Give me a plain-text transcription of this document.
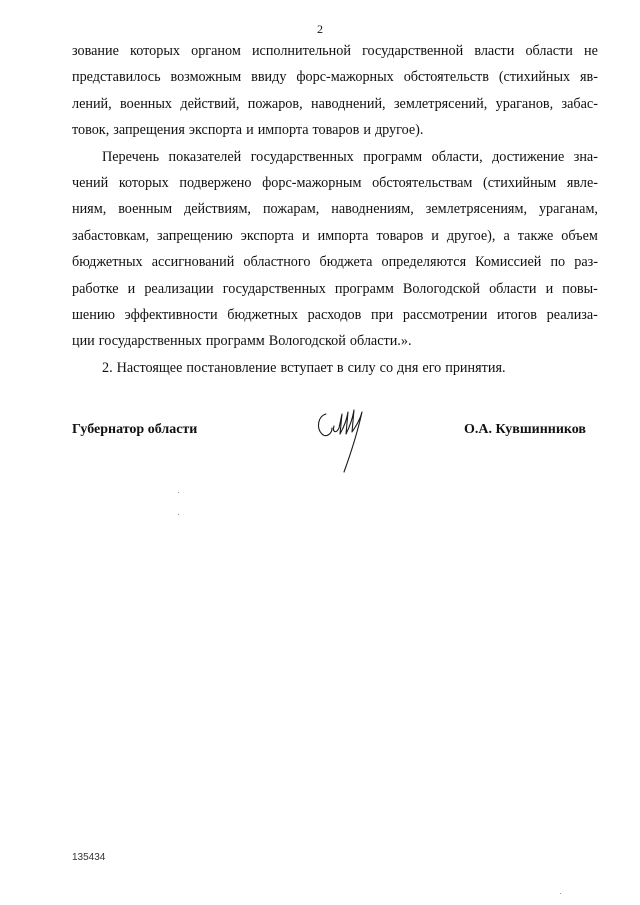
2
зование которых органом исполнительной государственной власти области не
представилось возможным ввиду форс-мажорных обстоятельств (стихийных яв-
лений, военных действий, пожаров, наводнений, землетрясений, ураганов, забас-
товок, запрещения экспорта и импорта товаров и другое).
Перечень показателей государственных программ области, достижение зна-
чений которых подвержено форс-мажорным обстоятельствам (стихийным явле-
ниям, военным действиям, пожарам, наводнениям, землетрясениям, ураганам,
забастовкам, запрещению экспорта и импорта товаров и другое), а также объем
бюджетных ассигнований областного бюджета определяются Комиссией по раз-
работке и реализации государственных программ Вологодской области и повы-
шению эффективности бюджетных расходов при рассмотрении итогов реализа-
ции государственных программ Вологодской области.».
2. Настоящее постановление вступает в силу со дня его принятия.
Губернатор области	О.А. Кувшинников
135434
